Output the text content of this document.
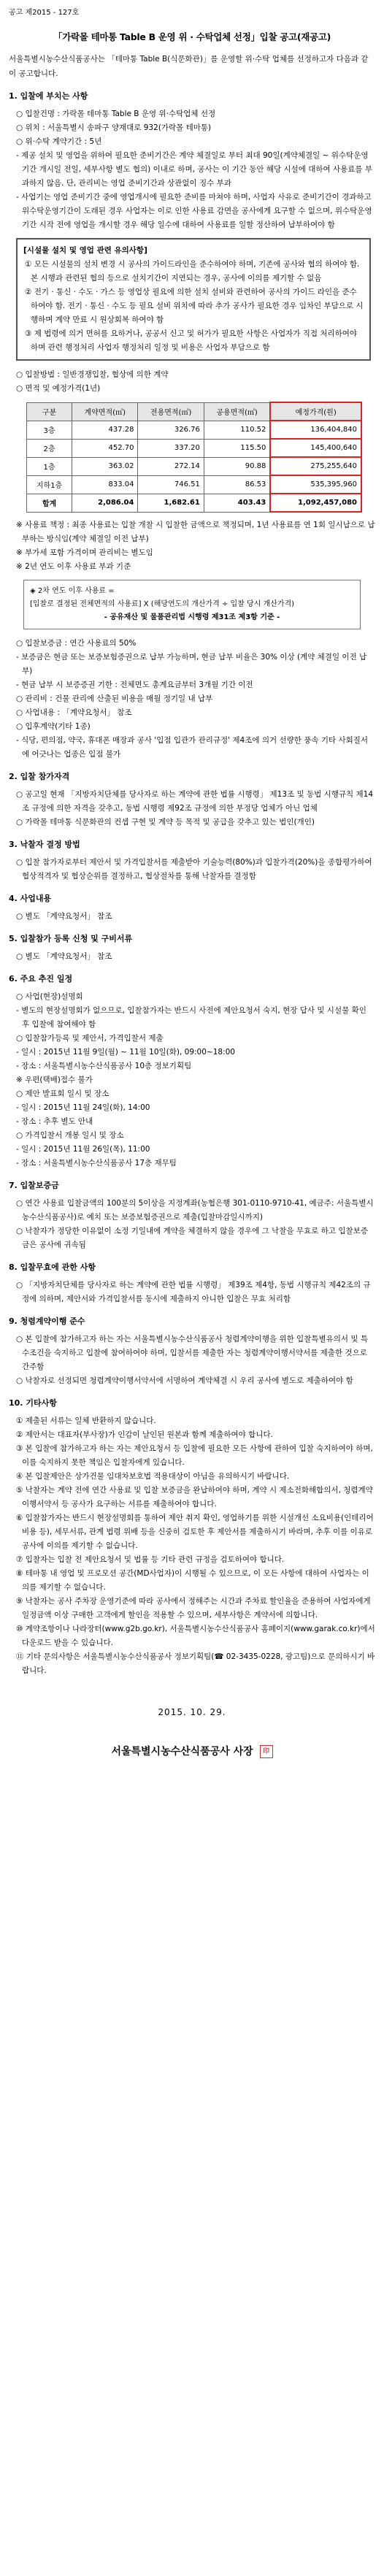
공고 제2015 - 127호
「가락몰 테마통 Table B 운영 위 · 수탁업체 선정」입찰 공고(재공고)
서울특별시농수산식품공사는 「테마통 Table B(식문화관)」를 운영할 위·수탁 업체를 선정하고자 다음과 같이 공고합니다.
1. 입찰에 부치는 사항

○ 입찰건명 : 가락몰 테마통 Table B 운영 위·수탁업체 선정

○ 위치 : 서울특별시 송파구 양재대로 932(가락몰 테마통)

○ 위·수탁 계약기간 : 5년

- 제공 설치 및 영업을 위하여 필요한 준비기간은 계약 체결일로 부터 최대 90일(계약체결일 ~ 위수탁운영기간 개시일 전일, 세부사항 별도 협의) 이내로 하며, 공사는 이 기간 동안 해당 시설에 대하여 사용료를 부과하지 않음. 단, 관리비는 영업 준비기간과 상관없이 징수 부과

- 사업기는 영업 준비기간 중에 영업개시에 필요한 준비를 마쳐야 하며, 사업자 사유로 준비기간이 경과하고 위수탁운영기간이 도래된 경우 사업자는 이로 인한 사용료 감면을 공사에게 요구할 수 없으며, 위수탁운영기간 시작 전에 영업을 개시할 경우 해당 일수에 대하여 사용료를 일할 정산하여 납부하여야 함

[시설물 설치 및 영업 관련 유의사항]

① 모든 시설물의 설치 변경 시 공사의 가이드라인을 준수하여야 하며, 기존에 공사와 협의 하여야 함. 본 시행과 관련된 협의 등으로 설치기간이 지연되는 경우, 공사에 이의를 제기할 수 없음

② 전기 · 통신 · 수도 · 가스 등 영업상 필요에 의한 설치 설비와 관련하여 공사의 가이드 라인을 준수 하여야 함. 전기 · 통신 · 수도 등 필요 설비 위치에 따라 추가 공사가 필요한 경우 임차인 부담으로 시행하며 계약 만료 시 원상회복 하여야 함

③ 제 법령에 의거 면허를 요하거나, 공공서 신고 및 허가가 필요한 사항은 사업자가 직접 처리하여야 하며 관련 행정처리 사업자 행정처리 일정 및 비용은 사업자 부담으로 함

○ 입찰방법 : 일반경쟁입찰, 협상에 의한 계약

○ 면적 및 예정가격(1년)

구분	계약면적(㎡)	전용면적(㎡)	공용면적(㎡)	예정가격(원)
3층	437.28	326.76	110.52	136,404,840
2층	452.70	337.20	115.50	145,400,640
1층	363.02	272.14	90.88	275,255,640
지하1층	833.04	746.51	86.53	535,395,960
합계	2,086.04	1,682.61	403.43	1,092,457,080

※ 사용료 책정 : 최종 사용료는 입찰 개찰 시 입찰한 금액으로 책정되며, 1년 사용료를 연 1회 일시납으로 납부하는 방식임(계약 체결일 이전 납부)

※ 부가세 포함 가격이며 관리비는 별도임

※ 2년 연도 이후 사용료 부과 기준

◈ 2차 연도 이후 사용료 =
[입찰로 결정된 전체면적의 사용료] X (해당연도의 개산가격 ÷ 입찰 당시 개산가격)
- 공유재산 및 물품관리법 시행령 제31조 제3항 기준 -

○ 입찰보증금 : 연간 사용료의 50%

- 보증금은 현금 또는 보증보험증권으로 납부 가능하며, 현금 납부 비율은 30% 이상 (계약 체결일 이전 납부)

- 현금 납부 시 보증증권 기한 : 전체면도 총계요금부터 3개월 기간 이전

○ 관리비 : 건물 관리에 산출된 비용을 매월 정기일 내 납부

○ 사업내용 : 「계약요청서」 참조

○ 입후계약(기타 1종)

- 식당, 편의점, 약국, 휴대폰 매장과 공사 '입점 입관가 관리규정' 제4조에 의거 선량한 풍속 기타 사회질서에 어긋나는 업종은 입점 불가

2. 입찰 참가자격

○ 공고일 현재 「지방자치단체를 당사자로 하는 계약에 관한 법률 시행령」 제13조 및 동법 시행규칙 제14조 규정에 의한 자격을 갖추고, 동법 시행령 제92조 규정에 의한 부정당 업체가 아닌 업체

○ 가락몰 테마통 식문화관의 컨셉 구현 및 계약 등 목적 및 공급을 갖추고 있는 법인(개인)

3. 낙찰자 결정 방법

○ 입찰 참가자로부터 제안서 및 가격입찰서를 제출받아 기술능력(80%)과 입찰가격(20%)을 종합평가하여 협상적격자 및 협상순위를 결정하고, 협상절차를 통해 낙찰자를 결정함

4. 사업내용

○ 별도 「계약요청서」 참조

5. 입찰참가 등록 신청 및 구비서류

○ 별도 「계약요청서」 참조

6. 주요 추진 일정

○ 사업(현장)설명회

- 별도의 현장설명회가 없으므로, 입찰참가자는 반드시 사전에 제안요청서 숙지, 현장 답사 및 시설물 확인 후 입찰에 참여해야 함

○ 입찰참가등록 및 제안서, 가격입찰서 제출

- 일시 : 2015년 11월 9일(월) ~ 11월 10일(화), 09:00~18:00

- 장소 : 서울특별시농수산식품공사 10층 정보기획팀

※ 우편(택배)접수 불가

○ 제안 발표회 일시 및 장소

- 일시 : 2015년 11월 24일(화), 14:00

- 장소 : 추후 별도 안내

○ 가격입찰서 개봉 일시 및 장소

- 일시 : 2015년 11월 26일(목), 11:00

- 장소 : 서울특별시농수산식품공사 17층 재무팀

7. 입찰보증금

○ 연간 사용료 입찰금액의 100분의 5이상을 지정계좌(농협은행 301-0110-9710-41, 예금주: 서울특별시농수산식품공사)로 예치 또는 보증보험증권으로 제출(입찰마감일시까지)

○ 낙찰자가 정당한 이유없이 소정 기일내에 계약을 체결하지 않을 경우에 그 낙찰을 무효로 하고 입찰보증금은 공사에 귀속됨

8. 입찰무효에 관한 사항

○ 「지방자치단체를 당사자로 하는 계약에 관한 법률 시행령」 제39조 제4항, 동법 시행규칙 제42조의 규정에 의하며, 제안서와 가격입찰서를 동시에 제출하지 아니한 입찰은 무효 처리함

9. 청렴계약이행 준수

○ 본 입찰에 참가하고자 하는 자는 서울특별시농수산식품공사 청렴계약이행을 위한 입찰특별유의서 및 특수조건을 숙지하고 입찰에 참여하여야 하며, 입찰서를 제출한 자는 청렴계약이행서약서를 제출한 것으로 간주함

○ 낙찰자로 선정되면 청렴계약이행서약서에 서명하여 계약체결 시 우리 공사에 별도로 제출하여야 함

10. 기타사항

① 제출된 서류는 일체 반환하지 않습니다.

② 제안서는 대표자(부사장)가 인감이 날인된 원본과 함께 제출하여야 합니다.

③ 본 입찰에 참가하고자 하는 자는 제안요청서 등 입찰에 필요한 모든 사항에 관하여 입찰 숙지하여야 하며, 이를 숙지하지 못한 책임은 입찰자에게 있습니다.

④ 본 입찰제안은 상가건물 임대차보호법 적용대상이 아님을 유의하시기 바랍니다.

⑤ 낙찰자는 계약 전에 연간 사용료 및 입찰 보증금을 완납하여야 하며, 계약 시 제소전화해합의서, 청렴계약이행서약서 등 공사가 요구하는 서류를 제출하여야 합니다.

⑥ 입찰참가자는 반드시 현장설명회를 통하여 제안 취지 확인, 영업하기를 위한 시설개선 소요비용(인테리어 비용 등), 세무서류, 관계 법령 위배 등을 신중히 검토한 후 제안서를 제출하시기 바라며, 추후 이를 이유로 공사에 이의를 제기할 수 없습니다.

⑦ 입찰자는 입찰 전 제안요청서 및 법률 등 기타 관련 규정을 검토하여야 합니다.

⑧ 테마통 내 영업 및 프로모션 공간(MD사업자)이 시행될 수 있으므로, 이 모든 사항에 대하여 사업자는 이의를 제기할 수 없습니다.

⑨ 낙찰자는 공사 주차장 운영기준에 따라 공사에서 정해주는 시간과 주차료 할인율을 준용하여 사업자에게 일정금액 이상 구매한 고객에게 할인을 적용할 수 있으며, 세부사항은 계약서에 의합니다.

⑩ 계약조항이나 나라장터(www.g2b.go.kr), 서울특별시농수산식품공사 홈페이지(www.garak.co.kr)에서 다운로드 받을 수 있습니다.

⑪ 기타 문의사항은 서울특별시농수산식품공사 정보기획팀(☎ 02-3435-0228, 광고팀)으로 문의하시기 바랍니다.

2015. 10. 29.
서울특별시농수산식품공사 사장 印
